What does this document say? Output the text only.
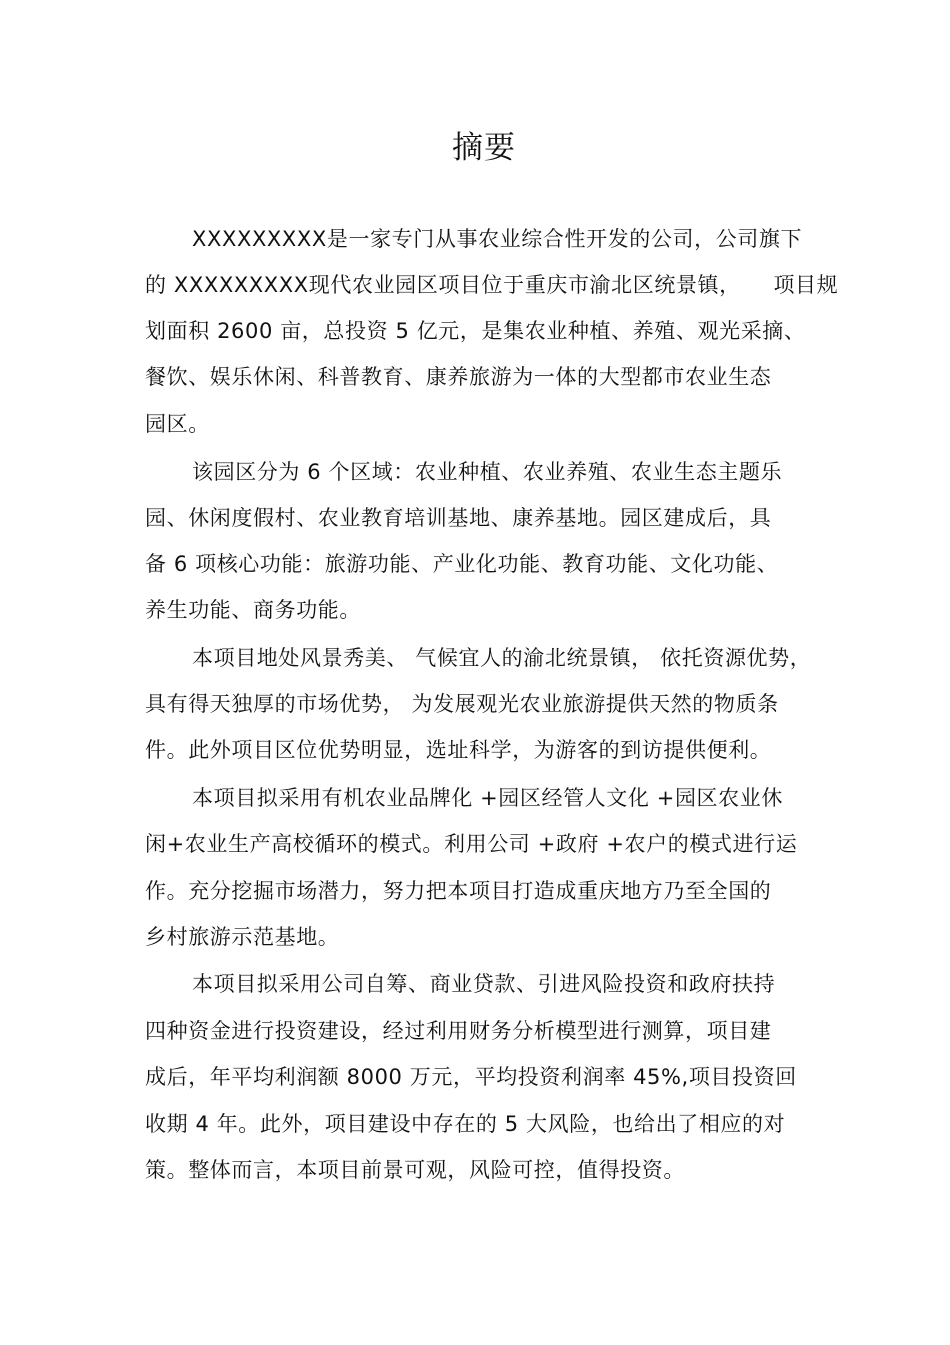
摘要
XXXXXXXXX是一家专门从事农业综合性开发的公司，公司旗下
的 XXXXXXXXX现代农业园区项目位于重庆市渝北区统景镇，　　项目规
划面积 2600 亩，总投资 5 亿元，是集农业种植、养殖、观光采摘、
餐饮、娱乐休闲、科普教育、康养旅游为一体的大型都市农业生态
园区。
该园区分为 6 个区域：农业种植、农业养殖、农业生态主题乐
园、休闲度假村、农业教育培训基地、康养基地。园区建成后，具
备 6 项核心功能：旅游功能、产业化功能、教育功能、文化功能、
养生功能、商务功能。
本项目地处风景秀美、 气候宜人的渝北统景镇， 依托资源优势，
具有得天独厚的市场优势， 为发展观光农业旅游提供天然的物质条
件。此外项目区位优势明显，选址科学，为游客的到访提供便利。
本项目拟采用有机农业品牌化 +园区经管人文化 +园区农业休
闲+农业生产高校循环的模式。利用公司 +政府 +农户的模式进行运
作。充分挖掘市场潜力，努力把本项目打造成重庆地方乃至全国的
乡村旅游示范基地。
本项目拟采用公司自筹、商业贷款、引进风险投资和政府扶持
四种资金进行投资建设，经过利用财务分析模型进行测算，项目建
成后，年平均利润额 8000 万元，平均投资利润率 45%,项目投资回
收期 4 年。此外，项目建设中存在的 5 大风险，也给出了相应的对
策。整体而言，本项目前景可观，风险可控，值得投资。
